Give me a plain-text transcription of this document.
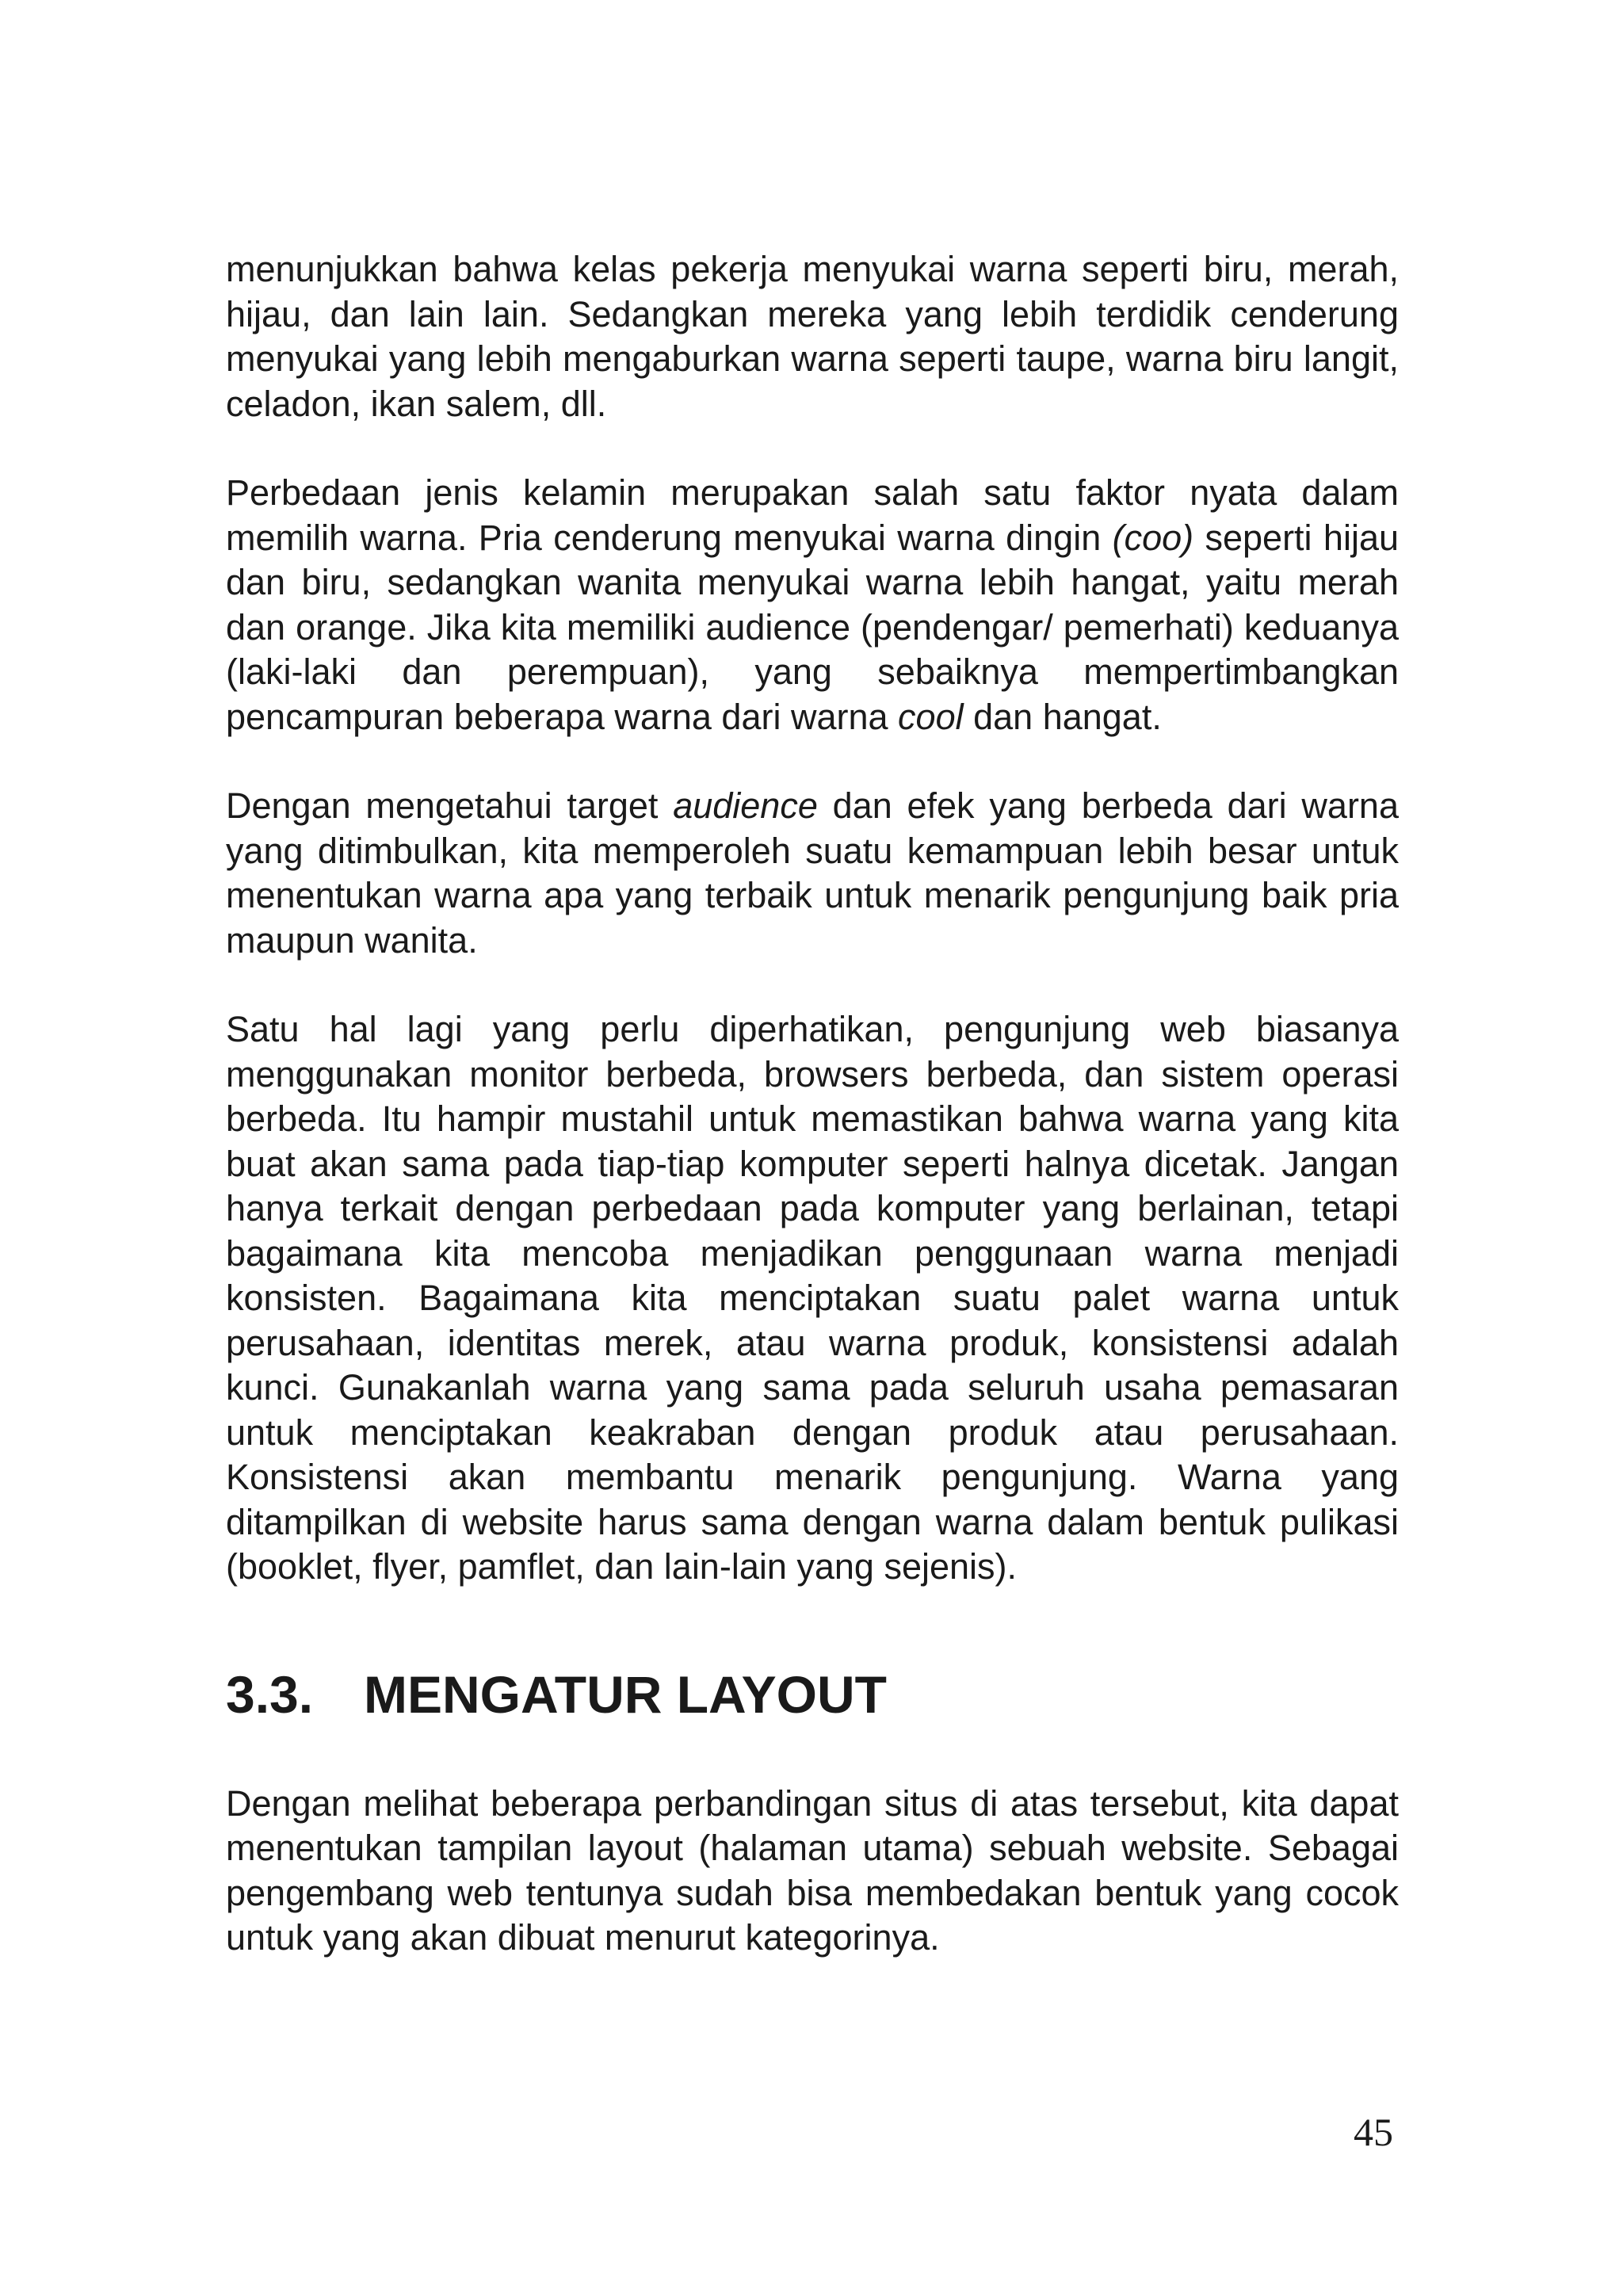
menunjukkan bahwa kelas pekerja menyukai warna seperti biru, merah, hijau, dan lain lain. Sedangkan mereka yang lebih terdidik cenderung menyukai yang lebih mengaburkan warna seperti taupe, warna biru langit, celadon, ikan salem, dll.

Perbedaan jenis kelamin merupakan salah satu faktor nyata dalam memilih warna. Pria cenderung menyukai warna dingin (coo) seperti hijau dan biru, sedangkan wanita menyukai warna lebih hangat, yaitu merah dan orange. Jika kita memiliki audience (pendengar/ pemerhati) keduanya (laki-laki dan perempuan), yang sebaiknya mempertimbangkan pencampuran beberapa warna dari warna cool dan hangat.

Dengan mengetahui target audience dan efek yang berbeda dari warna yang ditimbulkan, kita memperoleh suatu kemampuan lebih besar untuk menentukan warna apa yang terbaik untuk menarik pengunjung baik pria maupun wanita.

Satu hal lagi yang perlu diperhatikan, pengunjung web biasanya menggunakan monitor berbeda, browsers berbeda, dan sistem operasi berbeda. Itu hampir mustahil untuk memastikan bahwa warna yang kita buat akan sama pada tiap-tiap komputer seperti halnya dicetak. Jangan hanya terkait dengan perbedaan pada komputer yang berlainan, tetapi bagaimana kita mencoba menjadikan penggunaan warna menjadi konsisten. Bagaimana kita menciptakan suatu palet warna untuk perusahaan, identitas merek, atau warna produk, konsistensi adalah kunci. Gunakanlah warna yang sama pada seluruh usaha pemasaran untuk menciptakan keakraban dengan produk atau perusahaan. Konsistensi akan membantu menarik pengunjung. Warna yang ditampilkan di website harus sama dengan warna dalam bentuk pulikasi (booklet, flyer, pamflet, dan lain-lain yang sejenis).

3.3. MENGATUR LAYOUT

Dengan melihat beberapa perbandingan situs di atas tersebut, kita dapat menentukan tampilan layout (halaman utama) sebuah website. Sebagai pengembang web tentunya sudah bisa membedakan bentuk yang cocok untuk yang akan dibuat menurut kategorinya.

45
